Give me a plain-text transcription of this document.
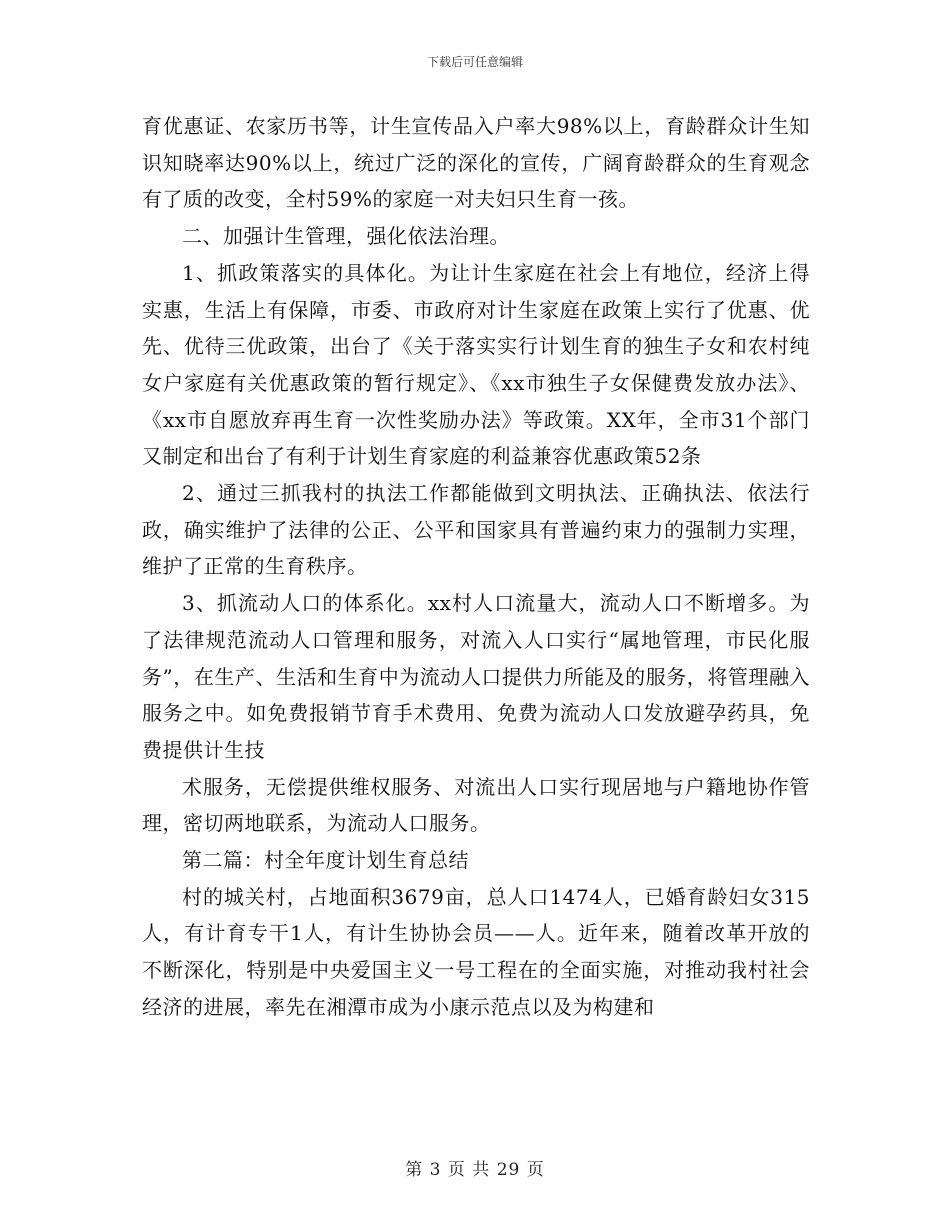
下载后可任意编辑

育优惠证、农家历书等，计生宣传品入户率大98%以上，育龄群众计生知识知晓率达90%以上，统过广泛的深化的宣传，广阔育龄群众的生育观念有了质的改变，全村59%的家庭一对夫妇只生育一孩。

二、加强计生管理，强化依法治理。

1、抓政策落实的具体化。为让计生家庭在社会上有地位，经济上得实惠，生活上有保障，市委、市政府对计生家庭在政策上实行了优惠、优先、优待三优政策，出台了《关于落实实行计划生育的独生子女和农村纯女户家庭有关优惠政策的暂行规定》、《xx市独生子女保健费发放办法》、《xx市自愿放弃再生育一次性奖励办法》等政策。XX年，全市31个部门又制定和出台了有利于计划生育家庭的利益兼容优惠政策52条

2、通过三抓我村的执法工作都能做到文明执法、正确执法、依法行政，确实维护了法律的公正、公平和国家具有普遍约束力的强制力实理，维护了正常的生育秩序。

3、抓流动人口的体系化。xx村人口流量大，流动人口不断增多。为了法律规范流动人口管理和服务，对流入人口实行“属地管理，市民化服务”，在生产、生活和生育中为流动人口提供力所能及的服务，将管理融入服务之中。如免费报销节育手术费用、免费为流动人口发放避孕药具，免费提供计生技

术服务，无偿提供维权服务、对流出人口实行现居地与户籍地协作管理，密切两地联系，为流动人口服务。

第二篇：村全年度计划生育总结

村的城关村，占地面积3679亩，总人口1474人，已婚育龄妇女315人，有计育专干1人，有计生协协会员——人。近年来，随着改革开放的不断深化，特别是中央爱国主义一号工程在的全面实施，对推动我村社会经济的进展，率先在湘潭市成为小康示范点以及为构建和

第 3 页 共 29 页
